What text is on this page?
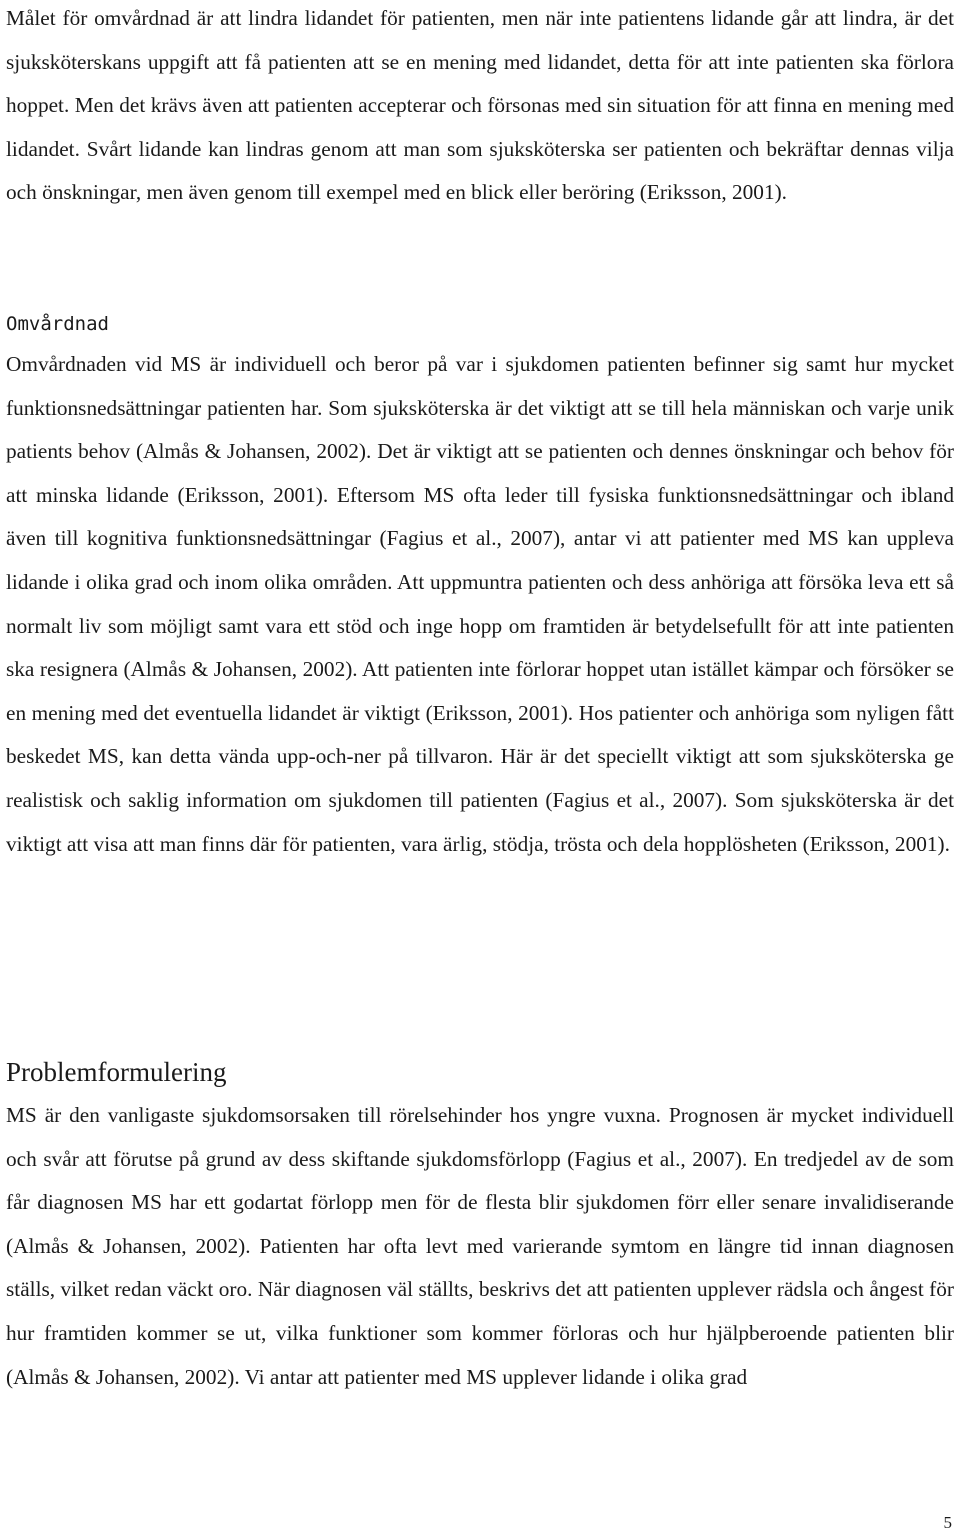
Målet för omvårdnad är att lindra lidandet för patienten, men när inte patientens lidande går att lindra, är det sjuksköterskans uppgift att få patienten att se en mening med lidandet, detta för att inte patienten ska förlora hoppet. Men det krävs även att patienten accepterar och försonas med sin situation för att finna en mening med lidandet. Svårt lidande kan lindras genom att man som sjuksköterska ser patienten och bekräftar dennas vilja och önskningar, men även genom till exempel med en blick eller beröring (Eriksson, 2001).

Omvårdnad

Omvårdnaden vid MS är individuell och beror på var i sjukdomen patienten befinner sig samt hur mycket funktionsnedsättningar patienten har. Som sjuksköterska är det viktigt att se till hela människan och varje unik patients behov (Almås & Johansen, 2002). Det är viktigt att se patienten och dennes önskningar och behov för att minska lidande (Eriksson, 2001). Eftersom MS ofta leder till fysiska funktionsnedsättningar och ibland även till kognitiva funktionsnedsättningar (Fagius et al., 2007), antar vi att patienter med MS kan uppleva lidande i olika grad och inom olika områden. Att uppmuntra patienten och dess anhöriga att försöka leva ett så normalt liv som möjligt samt vara ett stöd och inge hopp om framtiden är betydelsefullt för att inte patienten ska resignera (Almås & Johansen, 2002). Att patienten inte förlorar hoppet utan istället kämpar och försöker se en mening med det eventuella lidandet är viktigt (Eriksson, 2001). Hos patienter och anhöriga som nyligen fått beskedet MS, kan detta vända upp-och-ner på tillvaron. Här är det speciellt viktigt att som sjuksköterska ge realistisk och saklig information om sjukdomen till patienten (Fagius et al., 2007). Som sjuksköterska är det viktigt att visa att man finns där för patienten, vara ärlig, stödja, trösta och dela hopplösheten (Eriksson, 2001).

Problemformulering

MS är den vanligaste sjukdomsorsaken till rörelsehinder hos yngre vuxna. Prognosen är mycket individuell och svår att förutse på grund av dess skiftande sjukdomsförlopp (Fagius et al., 2007). En tredjedel av de som får diagnosen MS har ett godartat förlopp men för de flesta blir sjukdomen förr eller senare invalidiserande (Almås & Johansen, 2002). Patienten har ofta levt med varierande symtom en längre tid innan diagnosen ställs, vilket redan väckt oro. När diagnosen väl ställts, beskrivs det att patienten upplever rädsla och ångest för hur framtiden kommer se ut, vilka funktioner som kommer förloras och hur hjälpberoende patienten blir (Almås & Johansen, 2002). Vi antar att patienter med MS upplever lidande i olika grad

5
